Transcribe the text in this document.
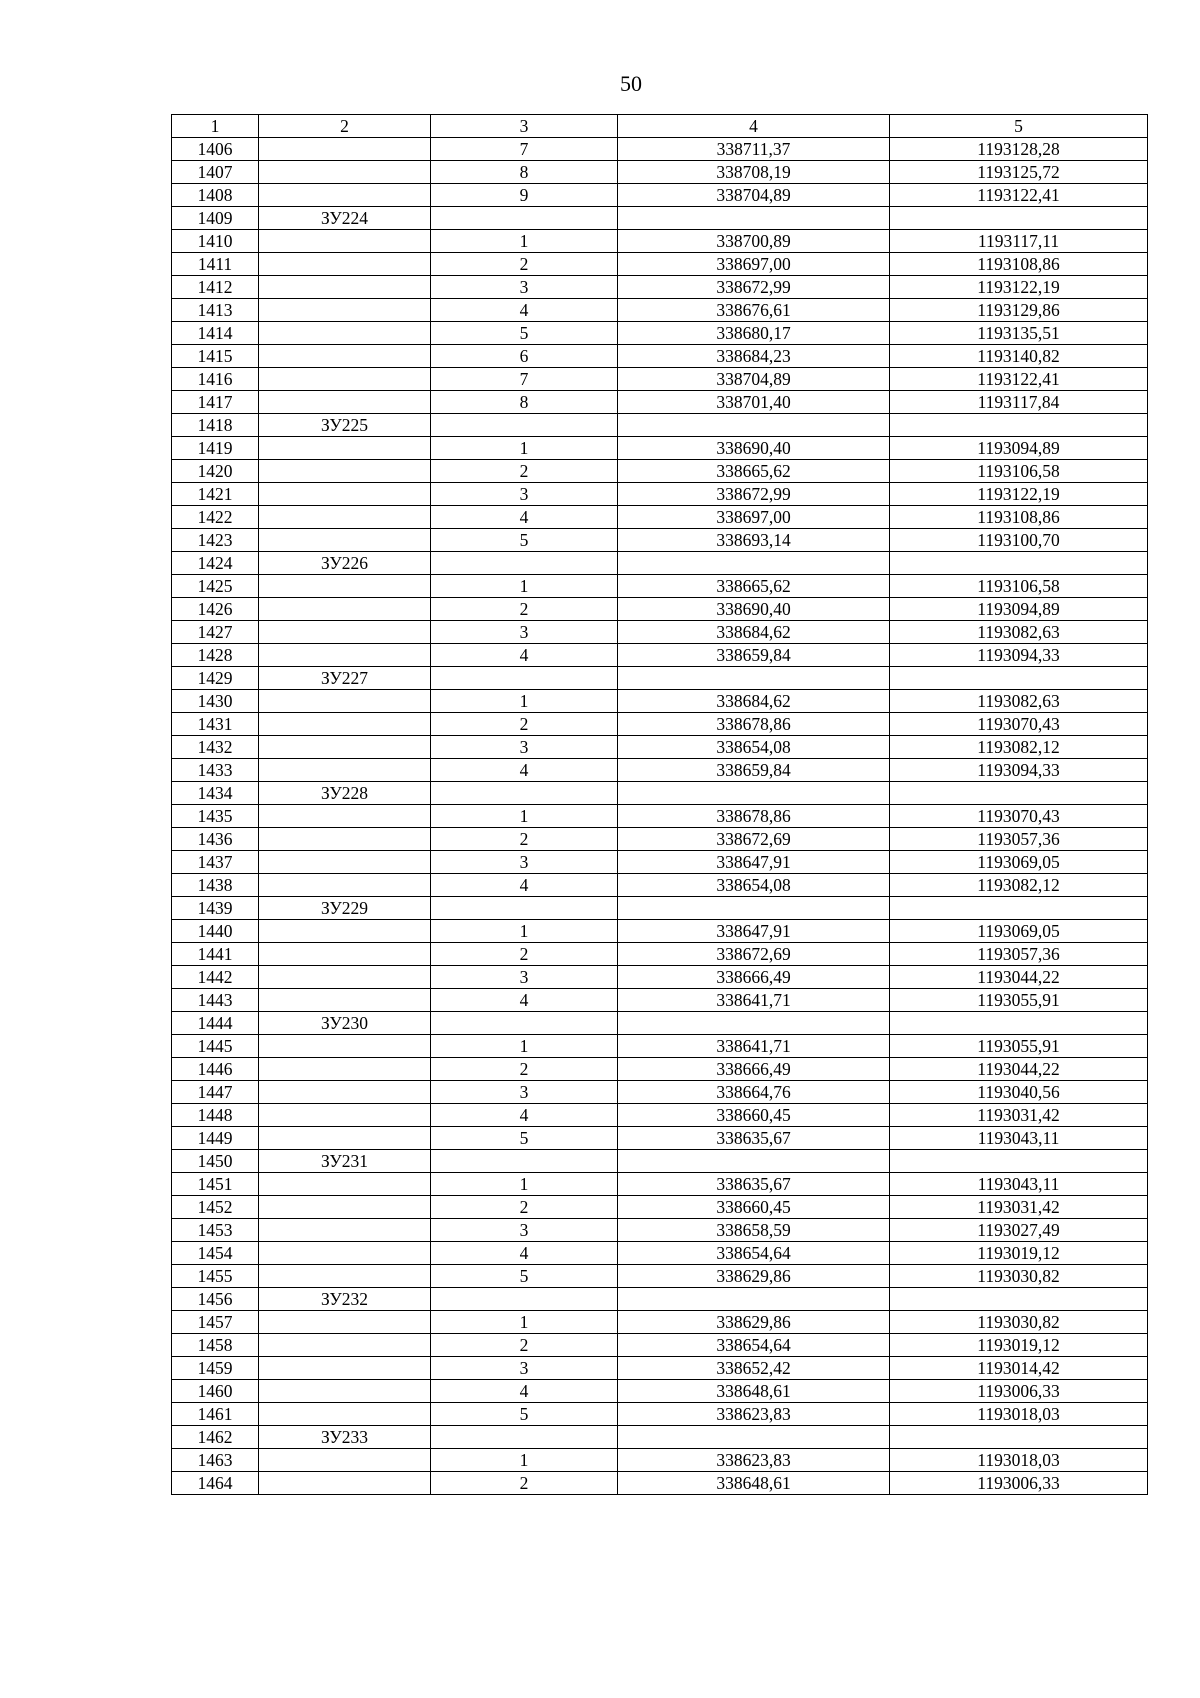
50
1	2	3	4	5
1406		7	338711,37	1193128,28
1407		8	338708,19	1193125,72
1408		9	338704,89	1193122,41
1409	ЗУ224			
1410		1	338700,89	1193117,11
1411		2	338697,00	1193108,86
1412		3	338672,99	1193122,19
1413		4	338676,61	1193129,86
1414		5	338680,17	1193135,51
1415		6	338684,23	1193140,82
1416		7	338704,89	1193122,41
1417		8	338701,40	1193117,84
1418	ЗУ225			
1419		1	338690,40	1193094,89
1420		2	338665,62	1193106,58
1421		3	338672,99	1193122,19
1422		4	338697,00	1193108,86
1423		5	338693,14	1193100,70
1424	ЗУ226			
1425		1	338665,62	1193106,58
1426		2	338690,40	1193094,89
1427		3	338684,62	1193082,63
1428		4	338659,84	1193094,33
1429	ЗУ227			
1430		1	338684,62	1193082,63
1431		2	338678,86	1193070,43
1432		3	338654,08	1193082,12
1433		4	338659,84	1193094,33
1434	ЗУ228			
1435		1	338678,86	1193070,43
1436		2	338672,69	1193057,36
1437		3	338647,91	1193069,05
1438		4	338654,08	1193082,12
1439	ЗУ229			
1440		1	338647,91	1193069,05
1441		2	338672,69	1193057,36
1442		3	338666,49	1193044,22
1443		4	338641,71	1193055,91
1444	ЗУ230			
1445		1	338641,71	1193055,91
1446		2	338666,49	1193044,22
1447		3	338664,76	1193040,56
1448		4	338660,45	1193031,42
1449		5	338635,67	1193043,11
1450	ЗУ231			
1451		1	338635,67	1193043,11
1452		2	338660,45	1193031,42
1453		3	338658,59	1193027,49
1454		4	338654,64	1193019,12
1455		5	338629,86	1193030,82
1456	ЗУ232			
1457		1	338629,86	1193030,82
1458		2	338654,64	1193019,12
1459		3	338652,42	1193014,42
1460		4	338648,61	1193006,33
1461		5	338623,83	1193018,03
1462	ЗУ233			
1463		1	338623,83	1193018,03
1464		2	338648,61	1193006,33
